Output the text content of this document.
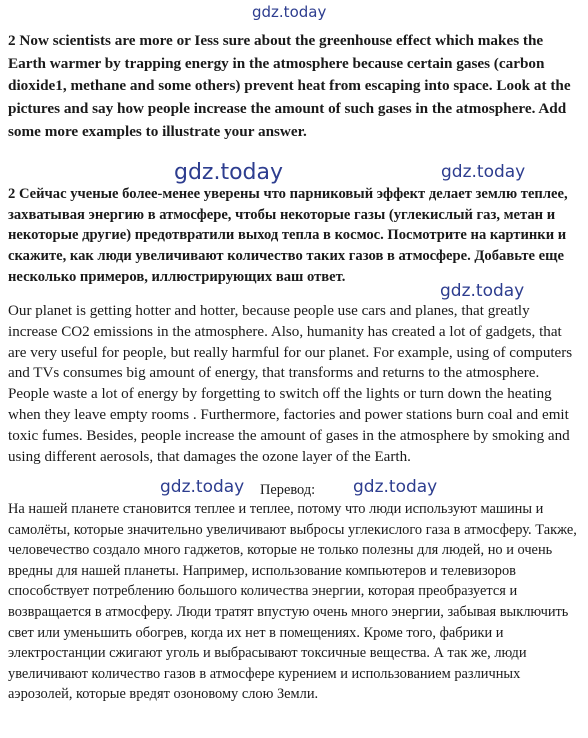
gdz.today

2 Now scientists are more or Iess sure about the greenhouse effect which makes the Earth warmer by trapping energy in the atmosphere because certain gases (carbon dioxide1, methane and some others) prevent heat from escaping into space. Look at the pictures and say how people increase the amount of such gases in the atmosphere. Add some more examples to illustrate your answer.

gdz.today	gdz.today

2 Сейчас ученые более-менее уверены что парниковый эффект делает землю теплее, захватывая энергию в атмосфере, чтобы некоторые газы (углекислый газ, метан и некоторые другие) предотвратили выход тепла в космос. Посмотрите на картинки и скажите, как люди увеличивают количество таких газов в атмосфере. Добавьте еще несколько примеров, иллюстрирующих ваш ответ.

gdz.today

Our planet is getting hotter and hotter, because people use cars and planes, that greatly increase CO2 emissions in the atmosphere. Also, humanity has created a lot of gadgets, that are very useful for people, but really harmful for our planet. For example, using of computers and TVs consumes big amount of energy, that transforms and returns to the atmosphere. People waste a lot of energy by forgetting to switch off the lights or turn down the heating when they leave empty rooms . Furthermore, factories and power stations burn coal and emit toxic fumes. Besides, people increase the amount of gases in the atmosphere by smoking and using different aerosols, that damages the ozone layer of the Earth.

gdz.today Перевод: gdz.today

На нашей планете становится теплее и теплее, потому что люди используют машины и самолёты, которые значительно увеличивают выбросы углекислого газа в атмосферу. Также, человечество создало много гаджетов, которые не только полезны для людей, но и очень вредны для нашей планеты. Например, использование компьютеров и телевизоров способствует потреблению большого количества энергии, которая преобразуется и возвращается в атмосферу. Люди тратят впустую очень много энергии, забывая выключить свет или уменьшить обогрев, когда их нет в помещениях. Кроме того, фабрики и электростанции сжигают уголь и выбрасывают токсичные вещества. А так же, люди увеличивают количество газов в атмосфере курением и использованием различных аэрозолей, которые вредят озоновому слою Земли.
